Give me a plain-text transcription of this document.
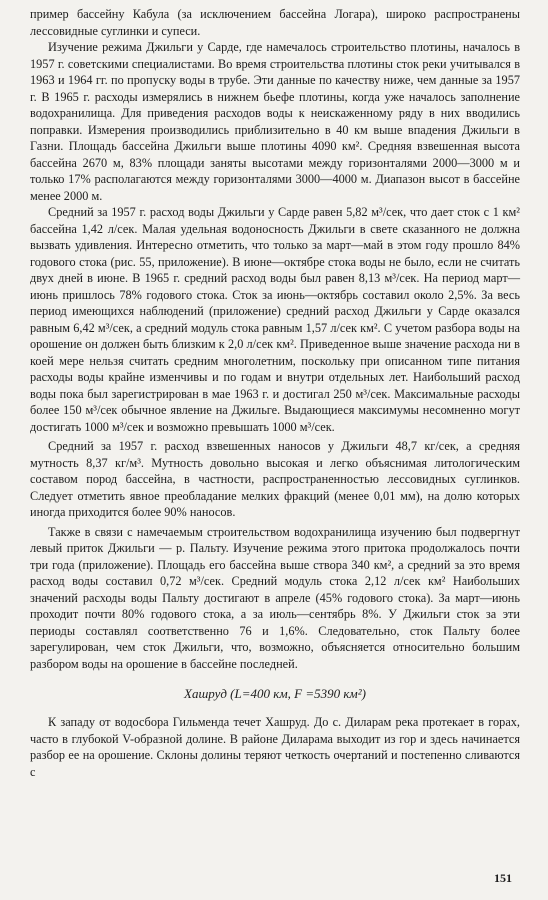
пример бассейну Кабула (за исключением бассейна Логара), широко распространены лессовидные суглинки и супеси.

Изучение режима Джильги у Сарде, где намечалось строительство плотины, началось в 1957 г. советскими специалистами. Во время строительства плотины сток реки учитывался в 1963 и 1964 гг. по пропуску воды в трубе. Эти данные по качеству ниже, чем данные за 1957 г. В 1965 г. расходы измерялись в нижнем бьефе плотины, когда уже началось заполнение водохранилища. Для приведения расходов воды к неискаженному ряду в них вводились поправки. Измерения производились приблизительно в 40 км выше впадения Джильги в Газни. Площадь бассейна Джильги выше плотины 4090 км². Средняя взвешенная высота бассейна 2670 м, 83% площади заняты высотами между горизонталями 2000—3000 м и только 17% располагаются между горизонталями 3000—4000 м. Диапазон высот в бассейне менее 2000 м.

Средний за 1957 г. расход воды Джильги у Сарде равен 5,82 м³/сек, что дает сток с 1 км² бассейна 1,42 л/сек. Малая удельная водоносность Джильги в свете сказанного не должна вызвать удивления. Интересно отметить, что только за март—май в этом году прошло 84% годового стока (рис. 55, приложение). В июне—октябре стока воды не было, если не считать двух дней в июне. В 1965 г. средний расход воды был равен 8,13 м³/сек. На период март—июнь пришлось 78% годового стока. Сток за июнь—октябрь составил около 2,5%. За весь период имеющихся наблюдений (приложение) средний расход Джильги у Сарде оказался равным 6,42 м³/сек, а средний модуль стока равным 1,57 л/сек км². С учетом разбора воды на орошение он должен быть близким к 2,0 л/сек км². Приведенное выше значение расхода ни в коей мере нельзя считать средним многолетним, поскольку при описанном типе питания расходы воды крайне изменчивы и по годам и внутри отдельных лет. Наибольший расход воды пока был зарегистрирован в мае 1963 г. и достигал 250 м³/сек. Максимальные расходы более 150 м³/сек обычное явление на Джильге. Выдающиеся максимумы несомненно могут достигать 1000 м³/сек и возможно превышать 1000 м³/сек.

Средний за 1957 г. расход взвешенных наносов у Джильги 48,7 кг/сек, а средняя мутность 8,37 кг/м³. Мутность довольно высокая и легко объяснимая литологическим составом пород бассейна, в частности, распространенностью лессовидных суглинков. Следует отметить явное преобладание мелких фракций (менее 0,01 мм), на долю которых иногда приходится более 90% наносов.

Также в связи с намечаемым строительством водохранилища изучению был подвергнут левый приток Джильги — р. Пальту. Изучение режима этого притока продолжалось почти три года (приложение). Площадь его бассейна выше створа 340 км², а средний за это время расход воды составил 0,72 м³/сек. Средний модуль стока 2,12 л/сек км² Наибольших значений расходы воды Пальту достигают в апреле (45% годового стока). За март—июнь проходит почти 80% годового стока, а за июль—сентябрь 8%. У Джильги сток за эти периоды составлял соответственно 76 и 1,6%. Следовательно, сток Пальту более зарегулирован, чем сток Джильги, что, возможно, объясняется относительно большим разбором воды на орошение в бассейне последней.

Хашруд (L=400 км, F =5390 км²)

К западу от водосбора Гильменда течет Хашруд. До с. Диларам река протекает в горах, часто в глубокой V-образной долине. В районе Диларама выходит из гор и здесь начинается разбор ее на орошение. Склоны долины теряют четкость очертаний и постепенно сливаются с

151
